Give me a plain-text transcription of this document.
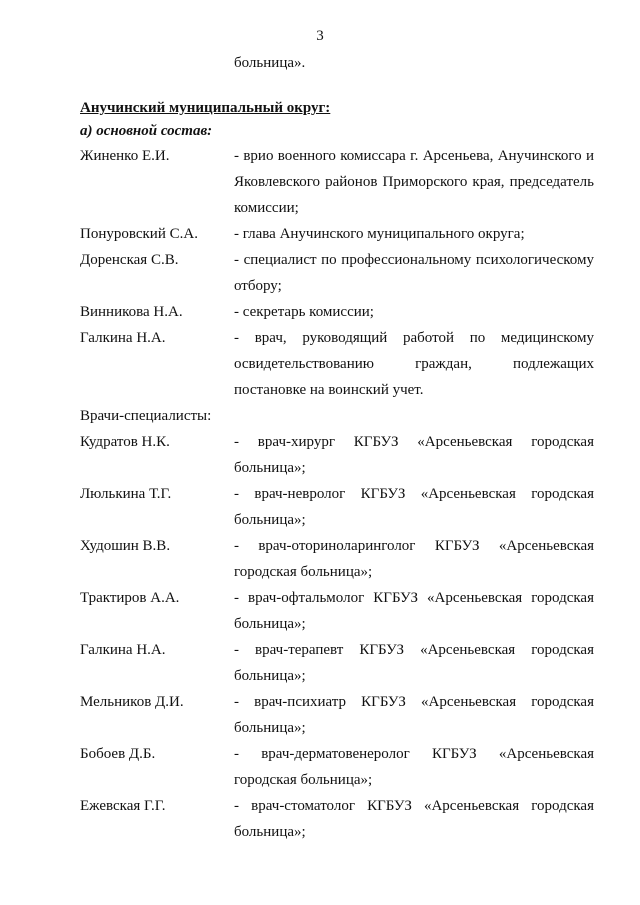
3
больница».
Анучинский муниципальный округ:
а) основной состав:
Жиненко Е.И.	- врио военного комиссара г. Арсеньева, Анучинского и Яковлевского районов Приморского края, председатель комиссии;
Понуровский С.А.	- глава Анучинского муниципального округа;
Доренская С.В.	- специалист по профессиональному психологическому отбору;
Винникова Н.А.	- секретарь комиссии;
Галкина Н.А.	- врач, руководящий работой по медицинскому освидетельствованию граждан, подлежащих постановке на воинский учет.
Врачи-специалисты:
Кудратов Н.К.	- врач-хирург КГБУЗ «Арсеньевская городская больница»;
Люлькина Т.Г.	- врач-невролог КГБУЗ «Арсеньевская городская больница»;
Худошин В.В.	- врач-оториноларинголог КГБУЗ «Арсеньевская городская больница»;
Трактиров А.А.	- врач-офтальмолог КГБУЗ «Арсеньевская городская больница»;
Галкина Н.А.	- врач-терапевт КГБУЗ «Арсеньевская городская больница»;
Мельников Д.И.	- врач-психиатр КГБУЗ «Арсеньевская городская больница»;
Бобоев Д.Б.	- врач-дерматовенеролог КГБУЗ «Арсеньевская городская больница»;
Ежевская Г.Г.	- врач-стоматолог КГБУЗ «Арсеньевская городская больница»;
